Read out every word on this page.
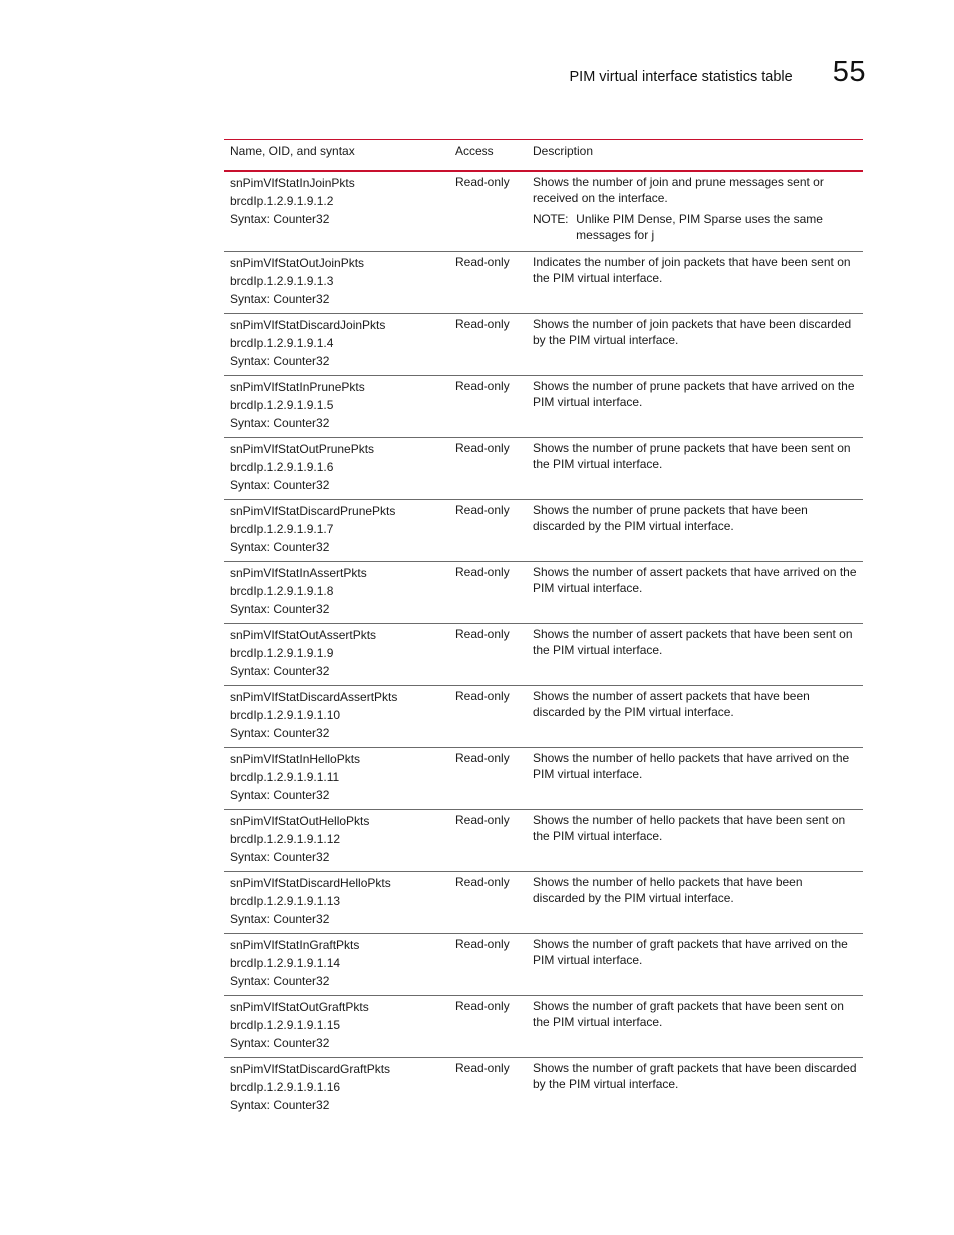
PIM virtual interface statistics table 55
Name, OID, and syntax	Access	Description

snPimVIfStatInJoinPkts
brcdIp.1.2.9.1.9.1.2
Syntax: Counter32	Read-only	Shows the number of join and prune messages sent or received on the interface.
NOTE: Unlike PIM Dense, PIM Sparse uses the same messages for j

snPimVIfStatOutJoinPkts
brcdIp.1.2.9.1.9.1.3
Syntax: Counter32	Read-only	Indicates the number of join packets that have been sent on the PIM virtual interface.

snPimVIfStatDiscardJoinPkts
brcdIp.1.2.9.1.9.1.4
Syntax: Counter32	Read-only	Shows the number of join packets that have been discarded by the PIM virtual interface.

snPimVIfStatInPrunePkts
brcdIp.1.2.9.1.9.1.5
Syntax: Counter32	Read-only	Shows the number of prune packets that have arrived on the PIM virtual interface.

snPimVIfStatOutPrunePkts
brcdIp.1.2.9.1.9.1.6
Syntax: Counter32	Read-only	Shows the number of prune packets that have been sent on the PIM virtual interface.

snPimVIfStatDiscardPrunePkts
brcdIp.1.2.9.1.9.1.7
Syntax: Counter32	Read-only	Shows the number of prune packets that have been discarded by the PIM virtual interface.

snPimVIfStatInAssertPkts
brcdIp.1.2.9.1.9.1.8
Syntax: Counter32	Read-only	Shows the number of assert packets that have arrived on the PIM virtual interface.

snPimVIfStatOutAssertPkts
brcdIp.1.2.9.1.9.1.9
Syntax: Counter32	Read-only	Shows the number of assert packets that have been sent on the PIM virtual interface.

snPimVIfStatDiscardAssertPkts
brcdIp.1.2.9.1.9.1.10
Syntax: Counter32	Read-only	Shows the number of assert packets that have been discarded by the PIM virtual interface.

snPimVIfStatInHelloPkts
brcdIp.1.2.9.1.9.1.11
Syntax: Counter32	Read-only	Shows the number of hello packets that have arrived on the PIM virtual interface.

snPimVIfStatOutHelloPkts
brcdIp.1.2.9.1.9.1.12
Syntax: Counter32	Read-only	Shows the number of hello packets that have been sent on the PIM virtual interface.

snPimVIfStatDiscardHelloPkts
brcdIp.1.2.9.1.9.1.13
Syntax: Counter32	Read-only	Shows the number of hello packets that have been discarded by the PIM virtual interface.

snPimVIfStatInGraftPkts
brcdIp.1.2.9.1.9.1.14
Syntax: Counter32	Read-only	Shows the number of graft packets that have arrived on the PIM virtual interface.

snPimVIfStatOutGraftPkts
brcdIp.1.2.9.1.9.1.15
Syntax: Counter32	Read-only	Shows the number of graft packets that have been sent on the PIM virtual interface.

snPimVIfStatDiscardGraftPkts
brcdIp.1.2.9.1.9.1.16
Syntax: Counter32	Read-only	Shows the number of graft packets that have been discarded by the PIM virtual interface.
